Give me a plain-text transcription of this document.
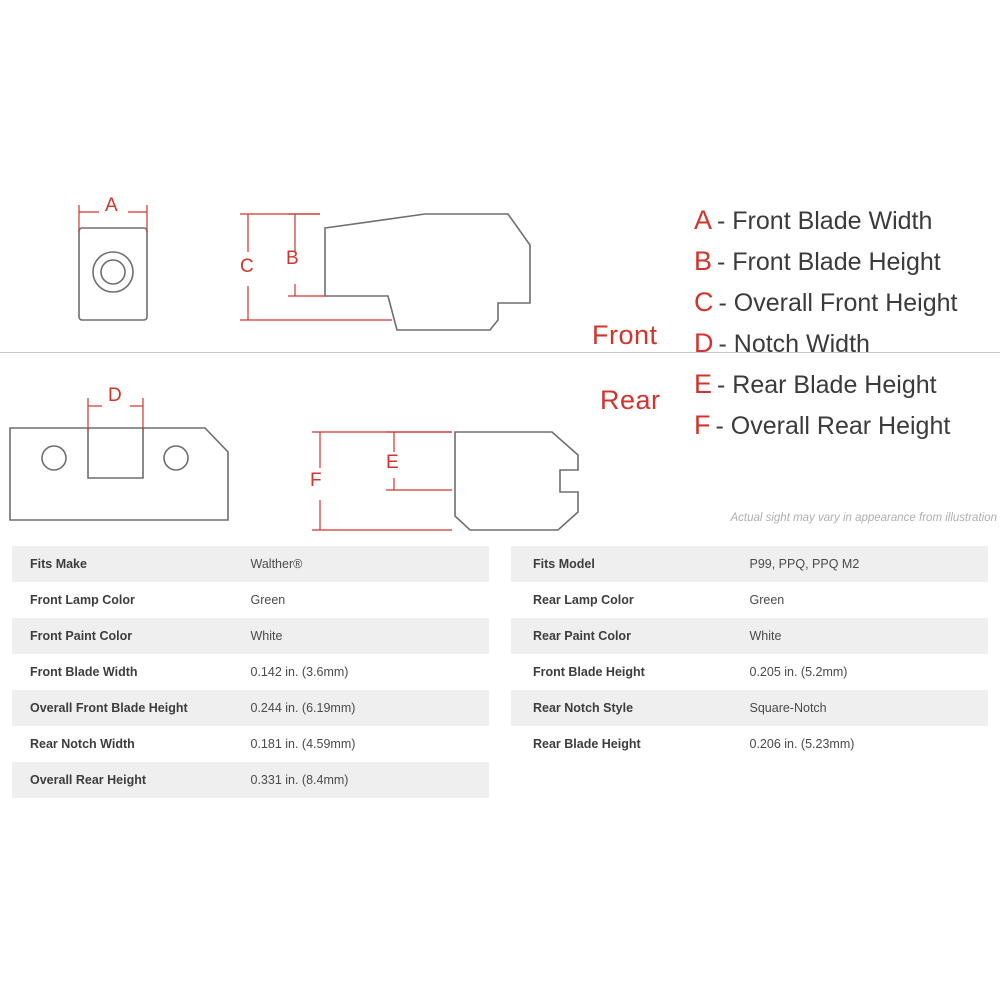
A
B
C
D
E
F
Front
Rear
A - Front Blade Width
B - Front Blade Height
C - Overall Front Height
D - Notch Width
E - Rear Blade Height
F - Overall Rear Height
Actual sight may vary in appearance from illustration
Fits Make	Walther®
Front Lamp Color	Green
Front Paint Color	White
Front Blade Width	0.142 in. (3.6mm)
Overall Front Blade Height	0.244 in. (6.19mm)
Rear Notch Width	0.181 in. (4.59mm)
Overall Rear Height	0.331 in. (8.4mm)
Fits Model	P99, PPQ, PPQ M2
Rear Lamp Color	Green
Rear Paint Color	White
Front Blade Height	0.205 in. (5.2mm)
Rear Notch Style	Square-Notch
Rear Blade Height	0.206 in. (5.23mm)
